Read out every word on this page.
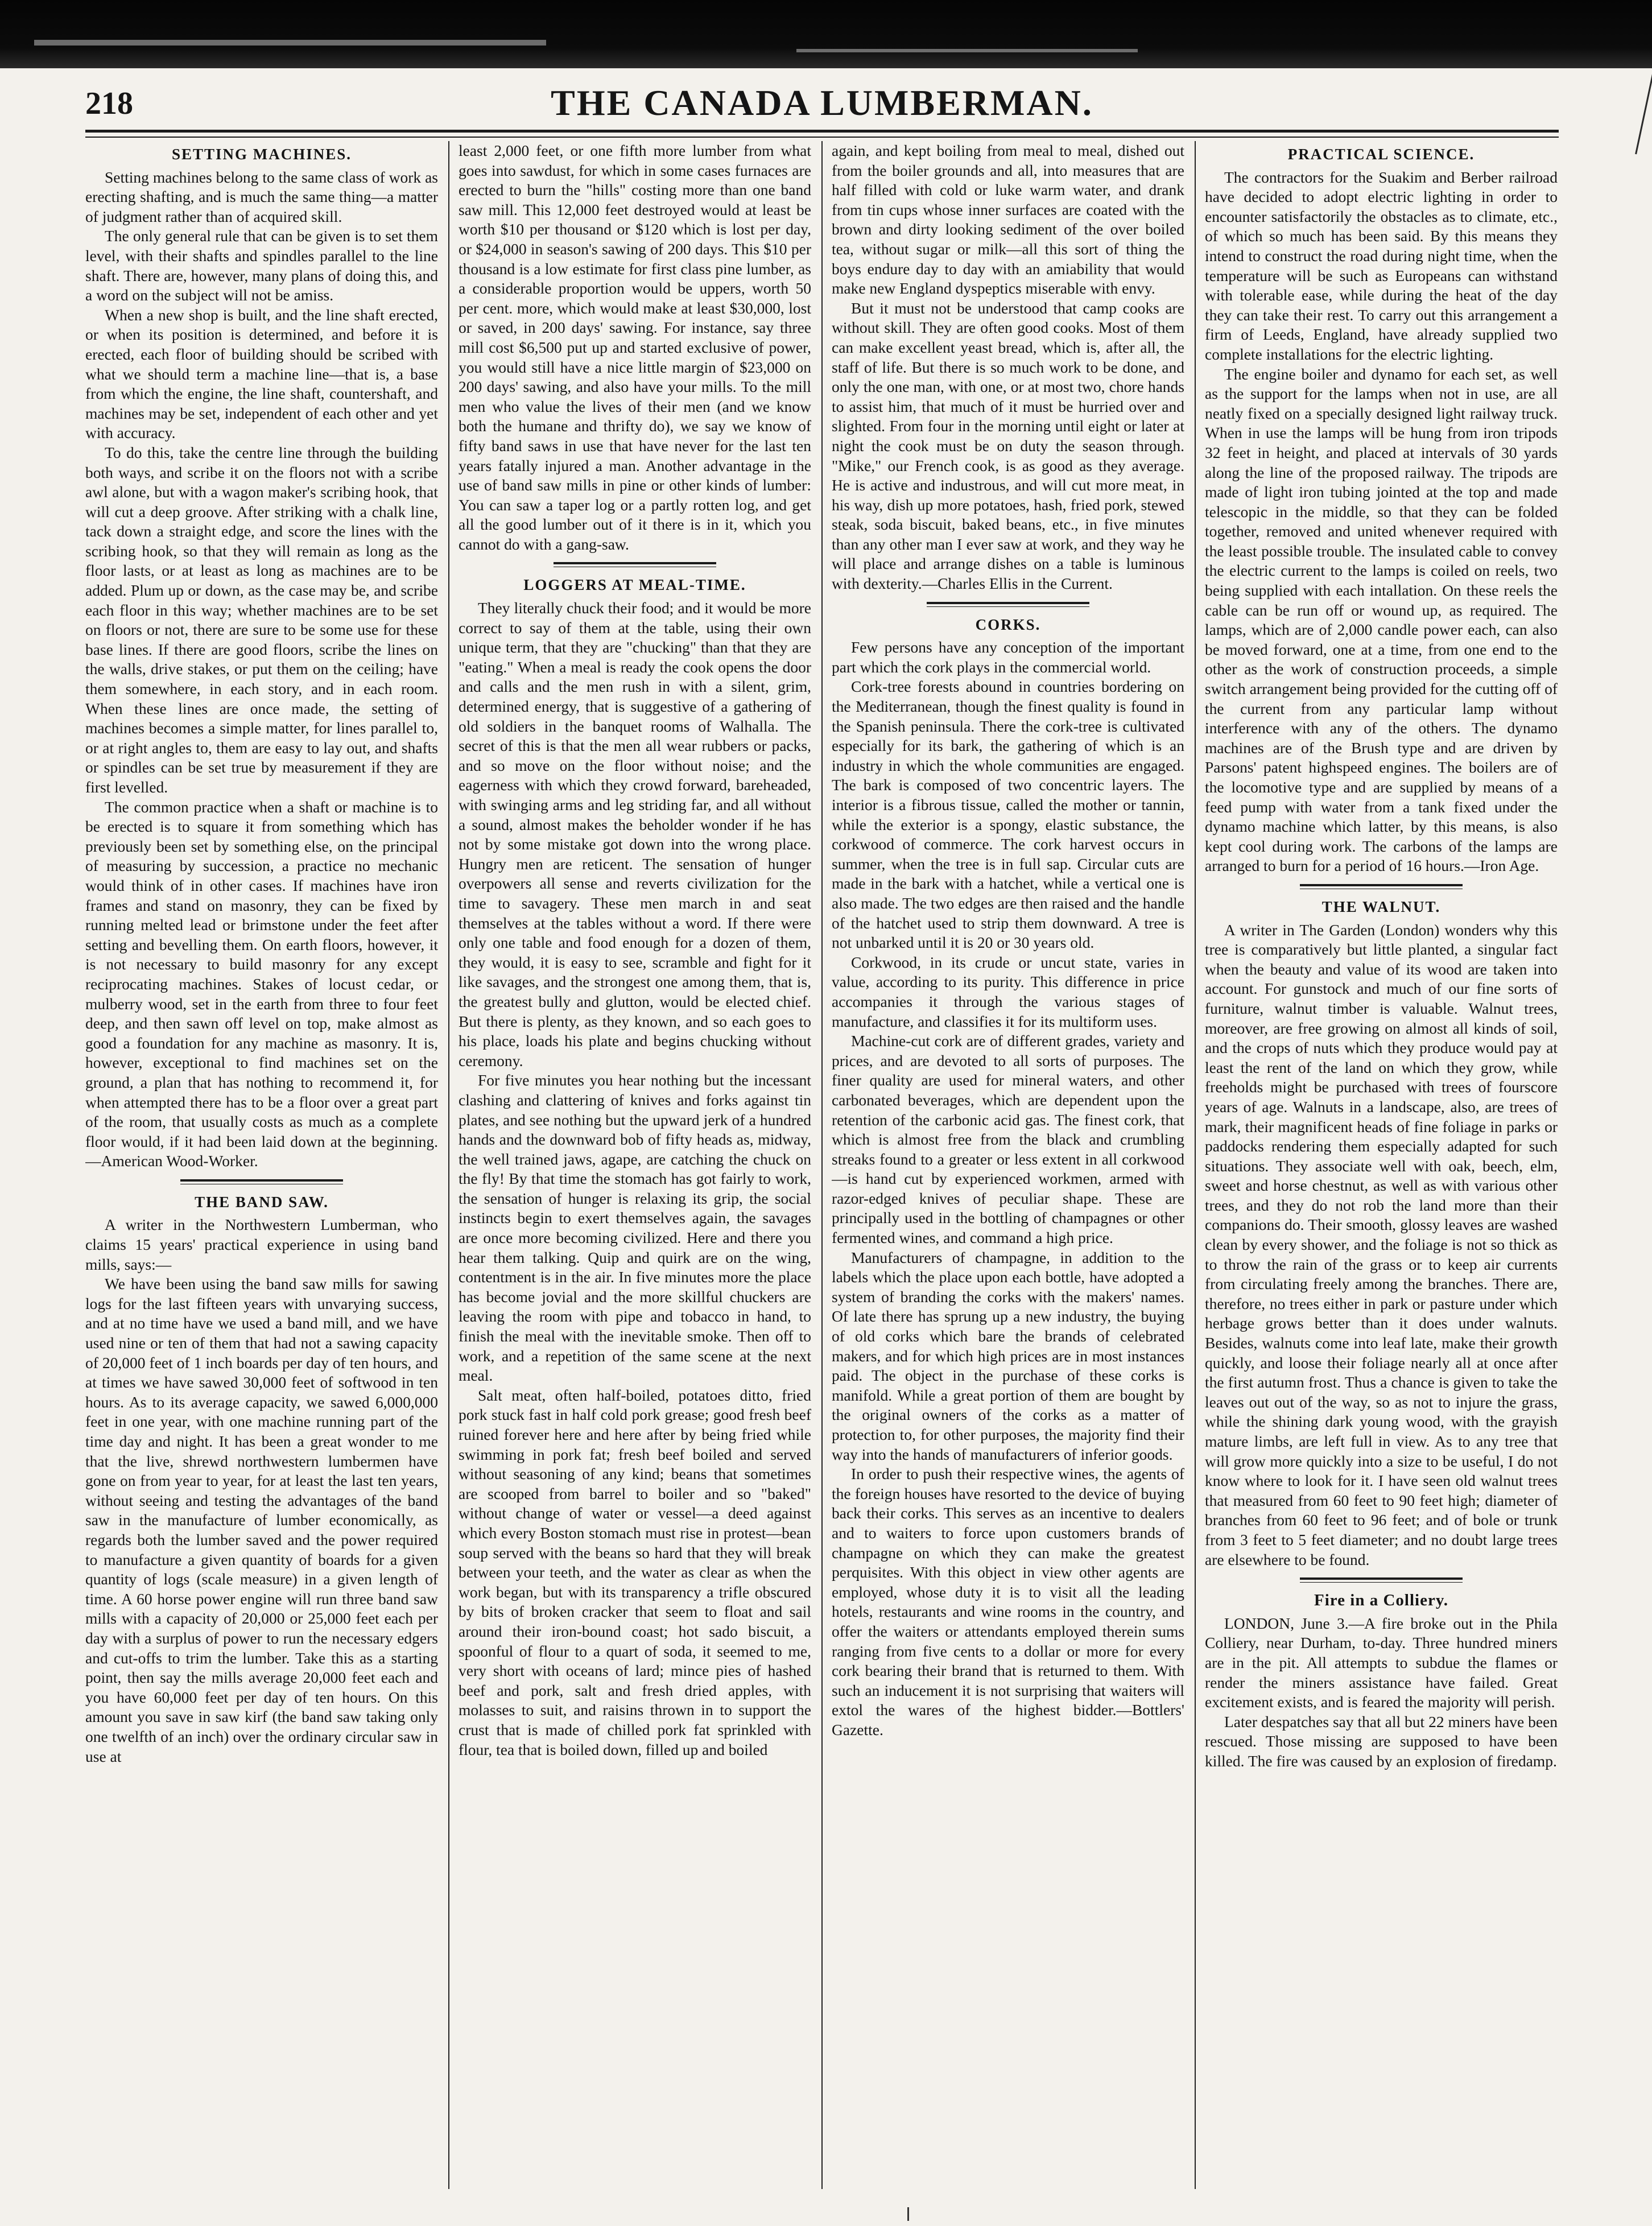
218	THE CANADA LUMBERMAN.
SETTING MACHINES.

Setting machines belong to the same class of work as erecting shafting, and is much the same thing—a matter of judgment rather than of acquired skill.

The only general rule that can be given is to set them level, with their shafts and spindles parallel to the line shaft. There are, however, many plans of doing this, and a word on the subject will not be amiss.

When a new shop is built, and the line shaft erected, or when its position is determined, and before it is erected, each floor of building should be scribed with what we should term a machine line—that is, a base from which the engine, the line shaft, countershaft, and machines may be set, independent of each other and yet with accuracy.

To do this, take the centre line through the building both ways, and scribe it on the floors not with a scribe awl alone, but with a wagon maker's scribing hook, that will cut a deep groove. After striking with a chalk line, tack down a straight edge, and score the lines with the scribing hook, so that they will remain as long as the floor lasts, or at least as long as machines are to be added. Plum up or down, as the case may be, and scribe each floor in this way; whether machines are to be set on floors or not, there are sure to be some use for these base lines. If there are good floors, scribe the lines on the walls, drive stakes, or put them on the ceiling; have them somewhere, in each story, and in each room. When these lines are once made, the setting of machines becomes a simple matter, for lines parallel to, or at right angles to, them are easy to lay out, and shafts or spindles can be set true by measurement if they are first levelled.

The common practice when a shaft or machine is to be erected is to square it from something which has previously been set by something else, on the principal of measuring by succession, a practice no mechanic would think of in other cases. If machines have iron frames and stand on masonry, they can be fixed by running melted lead or brimstone under the feet after setting and bevelling them. On earth floors, however, it is not necessary to build masonry for any except reciprocating machines. Stakes of locust cedar, or mulberry wood, set in the earth from three to four feet deep, and then sawn off level on top, make almost as good a foundation for any machine as masonry. It is, however, exceptional to find machines set on the ground, a plan that has nothing to recommend it, for when attempted there has to be a floor over a great part of the room, that usually costs as much as a complete floor would, if it had been laid down at the beginning.—American Wood-Worker.

THE BAND SAW.

A writer in the Northwestern Lumberman, who claims 15 years' practical experience in using band mills, says:—

We have been using the band saw mills for sawing logs for the last fifteen years with unvarying success, and at no time have we used a band mill, and we have used nine or ten of them that had not a sawing capacity of 20,000 feet of 1 inch boards per day of ten hours, and at times we have sawed 30,000 feet of softwood in ten hours. As to its average capacity, we sawed 6,000,000 feet in one year, with one machine running part of the time day and night. It has been a great wonder to me that the live, shrewd northwestern lumbermen have gone on from year to year, for at least the last ten years, without seeing and testing the advantages of the band saw in the manufacture of lumber economically, as regards both the lumber saved and the power required to manufacture a given quantity of boards for a given quantity of logs (scale measure) in a given length of time. A 60 horse power engine will run three band saw mills with a capacity of 20,000 or 25,000 feet each per day with a surplus of power to run the necessary edgers and cut-offs to trim the lumber. Take this as a starting point, then say the mills average 20,000 feet each and you have 60,000 feet per day of ten hours. On this amount you save in saw kirf (the band saw taking only one twelfth of an inch) over the ordinary circular saw in use at

least 2,000 feet, or one fifth more lumber from what goes into sawdust, for which in some cases furnaces are erected to burn the "hills" costing more than one band saw mill. This 12,000 feet destroyed would at least be worth $10 per thousand or $120 which is lost per day, or $24,000 in season's sawing of 200 days. This $10 per thousand is a low estimate for first class pine lumber, as a considerable proportion would be uppers, worth 50 per cent. more, which would make at least $30,000, lost or saved, in 200 days' sawing. For instance, say three mill cost $6,500 put up and started exclusive of power, you would still have a nice little margin of $23,000 on 200 days' sawing, and also have your mills. To the mill men who value the lives of their men (and we know both the humane and thrifty do), we say we know of fifty band saws in use that have never for the last ten years fatally injured a man. Another advantage in the use of band saw mills in pine or other kinds of lumber: You can saw a taper log or a partly rotten log, and get all the good lumber out of it there is in it, which you cannot do with a gang-saw.

LOGGERS AT MEAL-TIME.

They literally chuck their food; and it would be more correct to say of them at the table, using their own unique term, that they are "chucking" than that they are "eating." When a meal is ready the cook opens the door and calls and the men rush in with a silent, grim, determined energy, that is suggestive of a gathering of old soldiers in the banquet rooms of Walhalla. The secret of this is that the men all wear rubbers or packs, and so move on the floor without noise; and the eagerness with which they crowd forward, bareheaded, with swinging arms and leg striding far, and all without a sound, almost makes the beholder wonder if he has not by some mistake got down into the wrong place. Hungry men are reticent. The sensation of hunger overpowers all sense and reverts civilization for the time to savagery. These men march in and seat themselves at the tables without a word. If there were only one table and food enough for a dozen of them, they would, it is easy to see, scramble and fight for it like savages, and the strongest one among them, that is, the greatest bully and glutton, would be elected chief. But there is plenty, as they known, and so each goes to his place, loads his plate and begins chucking without ceremony.

For five minutes you hear nothing but the incessant clashing and clattering of knives and forks against tin plates, and see nothing but the upward jerk of a hundred hands and the downward bob of fifty heads as, midway, the well trained jaws, agape, are catching the chuck on the fly! By that time the stomach has got fairly to work, the sensation of hunger is relaxing its grip, the social instincts begin to exert themselves again, the savages are once more becoming civilized. Here and there you hear them talking. Quip and quirk are on the wing, contentment is in the air. In five minutes more the place has become jovial and the more skillful chuckers are leaving the room with pipe and tobacco in hand, to finish the meal with the inevitable smoke. Then off to work, and a repetition of the same scene at the next meal.

Salt meat, often half-boiled, potatoes ditto, fried pork stuck fast in half cold pork grease; good fresh beef ruined forever here and here after by being fried while swimming in pork fat; fresh beef boiled and served without seasoning of any kind; beans that sometimes are scooped from barrel to boiler and so "baked" without change of water or vessel—a deed against which every Boston stomach must rise in protest—bean soup served with the beans so hard that they will break between your teeth, and the water as clear as when the work began, but with its transparency a trifle obscured by bits of broken cracker that seem to float and sail around their iron-bound coast; hot sado biscuit, a spoonful of flour to a quart of soda, it seemed to me, very short with oceans of lard; mince pies of hashed beef and pork, salt and fresh dried apples, with molasses to suit, and raisins thrown in to support the crust that is made of chilled pork fat sprinkled with flour, tea that is boiled down, filled up and boiled

again, and kept boiling from meal to meal, dished out from the boiler grounds and all, into measures that are half filled with cold or luke warm water, and drank from tin cups whose inner surfaces are coated with the brown and dirty looking sediment of the over boiled tea, without sugar or milk—all this sort of thing the boys endure day to day with an amiability that would make new England dyspeptics miserable with envy.

But it must not be understood that camp cooks are without skill. They are often good cooks. Most of them can make excellent yeast bread, which is, after all, the staff of life. But there is so much work to be done, and only the one man, with one, or at most two, chore hands to assist him, that much of it must be hurried over and slighted. From four in the morning until eight or later at night the cook must be on duty the season through. "Mike," our French cook, is as good as they average. He is active and industrous, and will cut more meat, in his way, dish up more potatoes, hash, fried pork, stewed steak, soda biscuit, baked beans, etc., in five minutes than any other man I ever saw at work, and they way he will place and arrange dishes on a table is luminous with dexterity.—Charles Ellis in the Current.

CORKS.

Few persons have any conception of the important part which the cork plays in the commercial world.

Cork-tree forests abound in countries bordering on the Mediterranean, though the finest quality is found in the Spanish peninsula. There the cork-tree is cultivated especially for its bark, the gathering of which is an industry in which the whole communities are engaged. The bark is composed of two concentric layers. The interior is a fibrous tissue, called the mother or tannin, while the exterior is a spongy, elastic substance, the corkwood of commerce. The cork harvest occurs in summer, when the tree is in full sap. Circular cuts are made in the bark with a hatchet, while a vertical one is also made. The two edges are then raised and the handle of the hatchet used to strip them downward. A tree is not unbarked until it is 20 or 30 years old.

Corkwood, in its crude or uncut state, varies in value, according to its purity. This difference in price accompanies it through the various stages of manufacture, and classifies it for its multiform uses.

Machine-cut cork are of different grades, variety and prices, and are devoted to all sorts of purposes. The finer quality are used for mineral waters, and other carbonated beverages, which are dependent upon the retention of the carbonic acid gas. The finest cork, that which is almost free from the black and crumbling streaks found to a greater or less extent in all corkwood—is hand cut by experienced workmen, armed with razor-edged knives of peculiar shape. These are principally used in the bottling of champagnes or other fermented wines, and command a high price.

Manufacturers of champagne, in addition to the labels which the place upon each bottle, have adopted a system of branding the corks with the makers' names. Of late there has sprung up a new industry, the buying of old corks which bare the brands of celebrated makers, and for which high prices are in most instances paid. The object in the purchase of these corks is manifold. While a great portion of them are bought by the original owners of the corks as a matter of protection to, for other purposes, the majority find their way into the hands of manufacturers of inferior goods.

In order to push their respective wines, the agents of the foreign houses have resorted to the device of buying back their corks. This serves as an incentive to dealers and to waiters to force upon customers brands of champagne on which they can make the greatest perquisites. With this object in view other agents are employed, whose duty it is to visit all the leading hotels, restaurants and wine rooms in the country, and offer the waiters or attendants employed therein sums ranging from five cents to a dollar or more for every cork bearing their brand that is returned to them. With such an inducement it is not surprising that waiters will extol the wares of the highest bidder.—Bottlers' Gazette.

PRACTICAL SCIENCE.

The contractors for the Suakim and Berber railroad have decided to adopt electric lighting in order to encounter satisfactorily the obstacles as to climate, etc., of which so much has been said. By this means they intend to construct the road during night time, when the temperature will be such as Europeans can withstand with tolerable ease, while during the heat of the day they can take their rest. To carry out this arrangement a firm of Leeds, England, have already supplied two complete installations for the electric lighting.

The engine boiler and dynamo for each set, as well as the support for the lamps when not in use, are all neatly fixed on a specially designed light railway truck. When in use the lamps will be hung from iron tripods 32 feet in height, and placed at intervals of 30 yards along the line of the proposed railway. The tripods are made of light iron tubing jointed at the top and made telescopic in the middle, so that they can be folded together, removed and united whenever required with the least possible trouble. The insulated cable to convey the electric current to the lamps is coiled on reels, two being supplied with each intallation. On these reels the cable can be run off or wound up, as required. The lamps, which are of 2,000 candle power each, can also be moved forward, one at a time, from one end to the other as the work of construction proceeds, a simple switch arrangement being provided for the cutting off of the current from any particular lamp without interference with any of the others. The dynamo machines are of the Brush type and are driven by Parsons' patent highspeed engines. The boilers are of the locomotive type and are supplied by means of a feed pump with water from a tank fixed under the dynamo machine which latter, by this means, is also kept cool during work. The carbons of the lamps are arranged to burn for a period of 16 hours.—Iron Age.

THE WALNUT.

A writer in The Garden (London) wonders why this tree is comparatively but little planted, a singular fact when the beauty and value of its wood are taken into account. For gunstock and much of our fine sorts of furniture, walnut timber is valuable. Walnut trees, moreover, are free growing on almost all kinds of soil, and the crops of nuts which they produce would pay at least the rent of the land on which they grow, while freeholds might be purchased with trees of fourscore years of age. Walnuts in a landscape, also, are trees of mark, their magnificent heads of fine foliage in parks or paddocks rendering them especially adapted for such situations. They associate well with oak, beech, elm, sweet and horse chestnut, as well as with various other trees, and they do not rob the land more than their companions do. Their smooth, glossy leaves are washed clean by every shower, and the foliage is not so thick as to throw the rain of the grass or to keep air currents from circulating freely among the branches. There are, therefore, no trees either in park or pasture under which herbage grows better than it does under walnuts. Besides, walnuts come into leaf late, make their growth quickly, and loose their foliage nearly all at once after the first autumn frost. Thus a chance is given to take the leaves out out of the way, so as not to injure the grass, while the shining dark young wood, with the grayish mature limbs, are left full in view. As to any tree that will grow more quickly into a size to be useful, I do not know where to look for it. I have seen old walnut trees that measured from 60 feet to 90 feet high; diameter of branches from 60 feet to 96 feet; and of bole or trunk from 3 feet to 5 feet diameter; and no doubt large trees are elsewhere to be found.

Fire in a Colliery.

LONDON, June 3.—A fire broke out in the Phila Colliery, near Durham, to-day. Three hundred miners are in the pit. All attempts to subdue the flames or render the miners assistance have failed. Great excitement exists, and is feared the majority will perish.

Later despatches say that all but 22 miners have been rescued. Those missing are supposed to have been killed. The fire was caused by an explosion of firedamp.
